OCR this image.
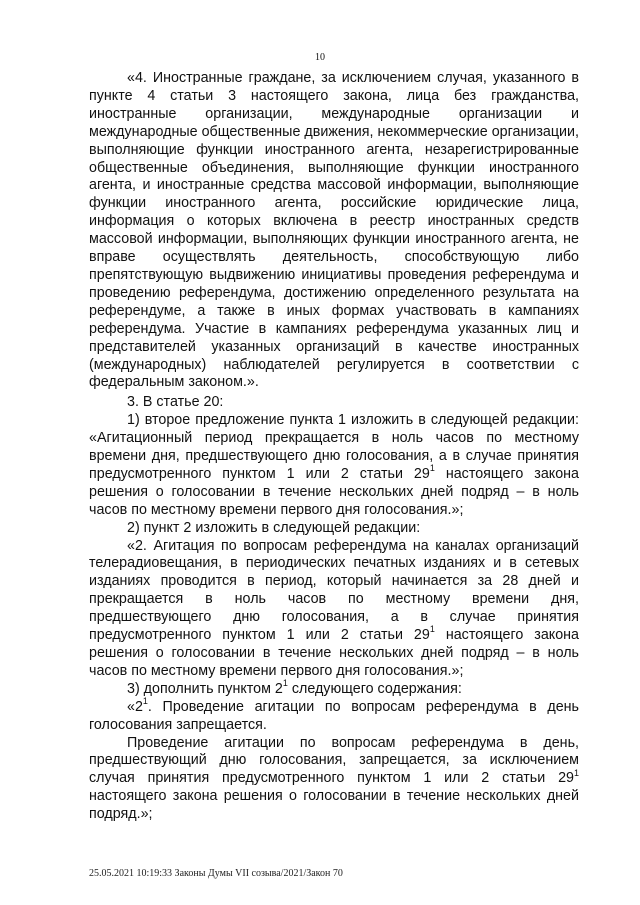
10

«4. Иностранные граждане, за исключением случая, указанного в пункте 4 статьи 3 настоящего закона, лица без гражданства, иностранные организации, международные организации и международные общественные движения, некоммерческие организации, выполняющие функции иностранного агента, незарегистрированные общественные объединения, выполняющие функции иностранного агента, и иностранные средства массовой информации, выполняющие функции иностранного агента, российские юридические лица, информация о которых включена в реестр иностранных средств массовой информации, выполняющих функции иностранного агента, не вправе осуществлять деятельность, способствующую либо препятствующую выдвижению инициативы проведения референдума и проведению референдума, достижению определенного результата на референдуме, а также в иных формах участвовать в кампаниях референдума. Участие в кампаниях референдума указанных лиц и представителей указанных организаций в качестве иностранных (международных) наблюдателей регулируется в соответствии с федеральным законом.».

3. В статье 20:

1) второе предложение пункта 1 изложить в следующей редакции: «Агитационный период прекращается в ноль часов по местному времени дня, предшествующего дню голосования, а в случае принятия предусмотренного пунктом 1 или 2 статьи $29^1$ настоящего закона решения о голосовании в течение нескольких дней подряд – в ноль часов по местному времени первого дня голосования.»;

2) пункт 2 изложить в следующей редакции:

«2. Агитация по вопросам референдума на каналах организаций телерадиовещания, в периодических печатных изданиях и в сетевых изданиях проводится в период, который начинается за 28 дней и прекращается в ноль часов по местному времени дня, предшествующего дню голосования, а в случае принятия предусмотренного пунктом 1 или 2 статьи $29^1$ настоящего закона решения о голосовании в течение нескольких дней подряд – в ноль часов по местному времени первого дня голосования.»;

3) дополнить пунктом $2^1$ следующего содержания:

«$2^1$. Проведение агитации по вопросам референдума в день голосования запрещается.

Проведение агитации по вопросам референдума в день, предшествующий дню голосования, запрещается, за исключением случая принятия предусмотренного пунктом 1 или 2 статьи $29^1$ настоящего закона решения о голосовании в течение нескольких дней подряд.»;

25.05.2021 10:19:33 Законы Думы VII созыва/2021/Закон 70
